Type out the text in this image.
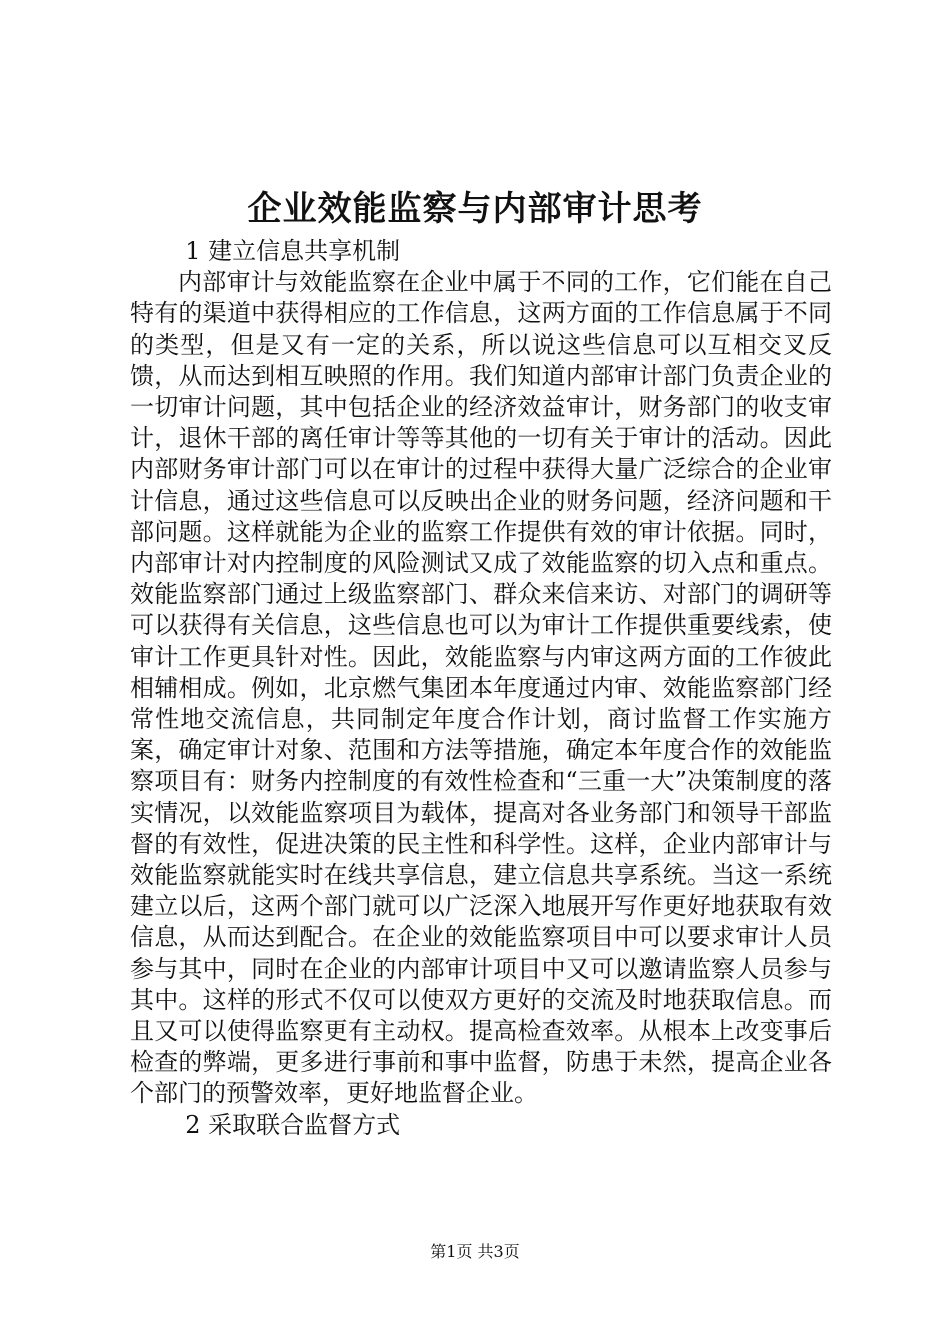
企业效能监察与内部审计思考

1 建立信息共享机制

内部审计与效能监察在企业中属于不同的工作，它们能在自己特有的渠道中获得相应的工作信息，这两方面的工作信息属于不同的类型，但是又有一定的关系，所以说这些信息可以互相交叉反馈，从而达到相互映照的作用。我们知道内部审计部门负责企业的一切审计问题，其中包括企业的经济效益审计，财务部门的收支审计，退休干部的离任审计等等其他的一切有关于审计的活动。因此内部财务审计部门可以在审计的过程中获得大量广泛综合的企业审计信息，通过这些信息可以反映出企业的财务问题，经济问题和干部问题。这样就能为企业的监察工作提供有效的审计依据。同时，内部审计对内控制度的风险测试又成了效能监察的切入点和重点。效能监察部门通过上级监察部门、群众来信来访、对部门的调研等可以获得有关信息，这些信息也可以为审计工作提供重要线索，使审计工作更具针对性。因此，效能监察与内审这两方面的工作彼此相辅相成。例如，北京燃气集团本年度通过内审、效能监察部门经常性地交流信息，共同制定年度合作计划，商讨监督工作实施方案，确定审计对象、范围和方法等措施，确定本年度合作的效能监察项目有：财务内控制度的有效性检查和“三重一大”决策制度的落实情况，以效能监察项目为载体，提高对各业务部门和领导干部监督的有效性，促进决策的民主性和科学性。这样，企业内部审计与效能监察就能实时在线共享信息，建立信息共享系统。当这一系统建立以后，这两个部门就可以广泛深入地展开写作更好地获取有效信息，从而达到配合。在企业的效能监察项目中可以要求审计人员参与其中，同时在企业的内部审计项目中又可以邀请监察人员参与其中。这样的形式不仅可以使双方更好的交流及时地获取信息。而且又可以使得监察更有主动权。提高检查效率。从根本上改变事后检查的弊端，更多进行事前和事中监督，防患于未然，提高企业各个部门的预警效率，更好地监督企业。

2 采取联合监督方式

第1页 共3页
